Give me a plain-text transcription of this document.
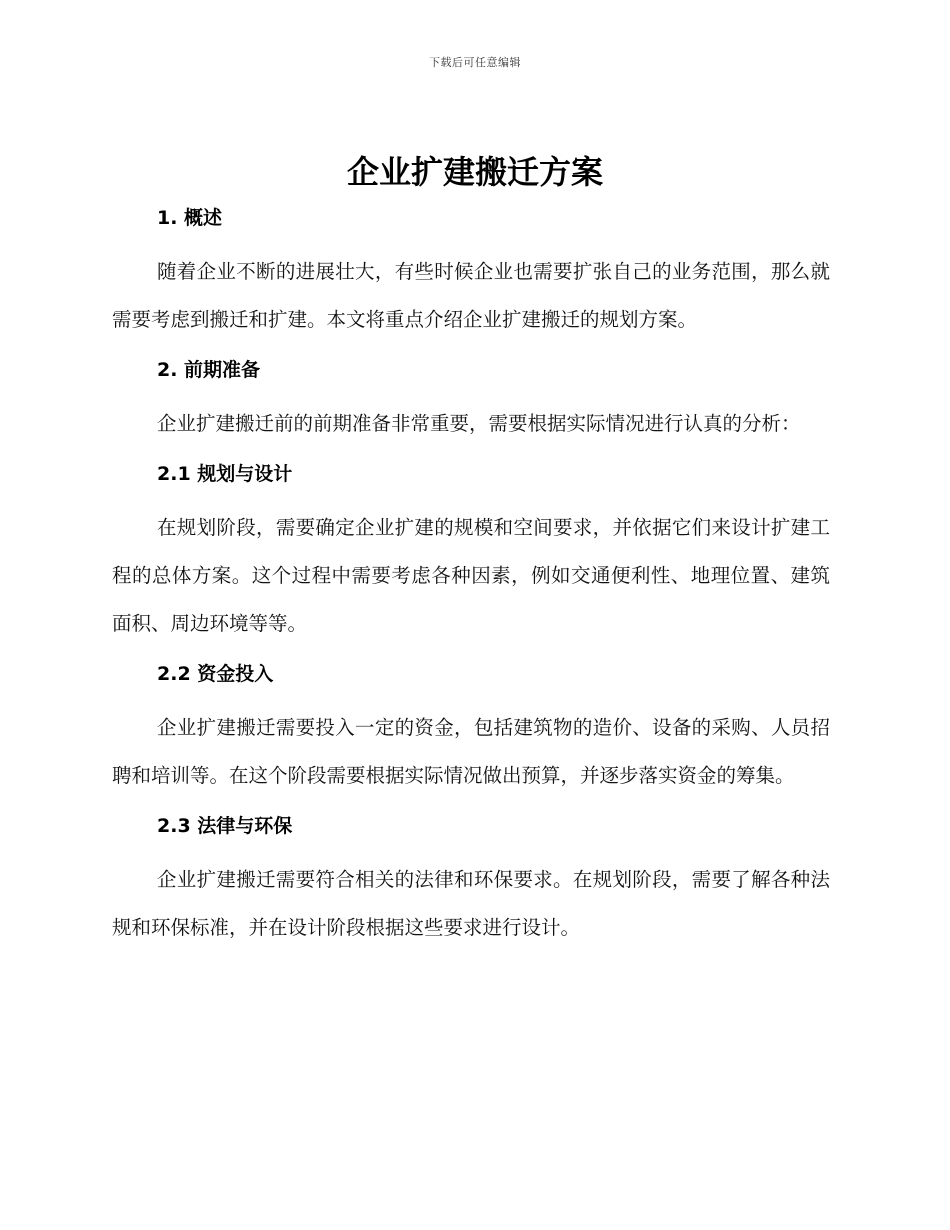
下载后可任意编辑
企业扩建搬迁方案
1. 概述

随着企业不断的进展壮大，有些时候企业也需要扩张自己的业务范围，那么就需要考虑到搬迁和扩建。本文将重点介绍企业扩建搬迁的规划方案。

2. 前期准备

企业扩建搬迁前的前期准备非常重要，需要根据实际情况进行认真的分析：

2.1 规划与设计

在规划阶段，需要确定企业扩建的规模和空间要求，并依据它们来设计扩建工程的总体方案。这个过程中需要考虑各种因素，例如交通便利性、地理位置、建筑面积、周边环境等等。

2.2 资金投入

企业扩建搬迁需要投入一定的资金，包括建筑物的造价、设备的采购、人员招聘和培训等。在这个阶段需要根据实际情况做出预算，并逐步落实资金的筹集。

2.3 法律与环保

企业扩建搬迁需要符合相关的法律和环保要求。在规划阶段，需要了解各种法规和环保标准，并在设计阶段根据这些要求进行设计。
